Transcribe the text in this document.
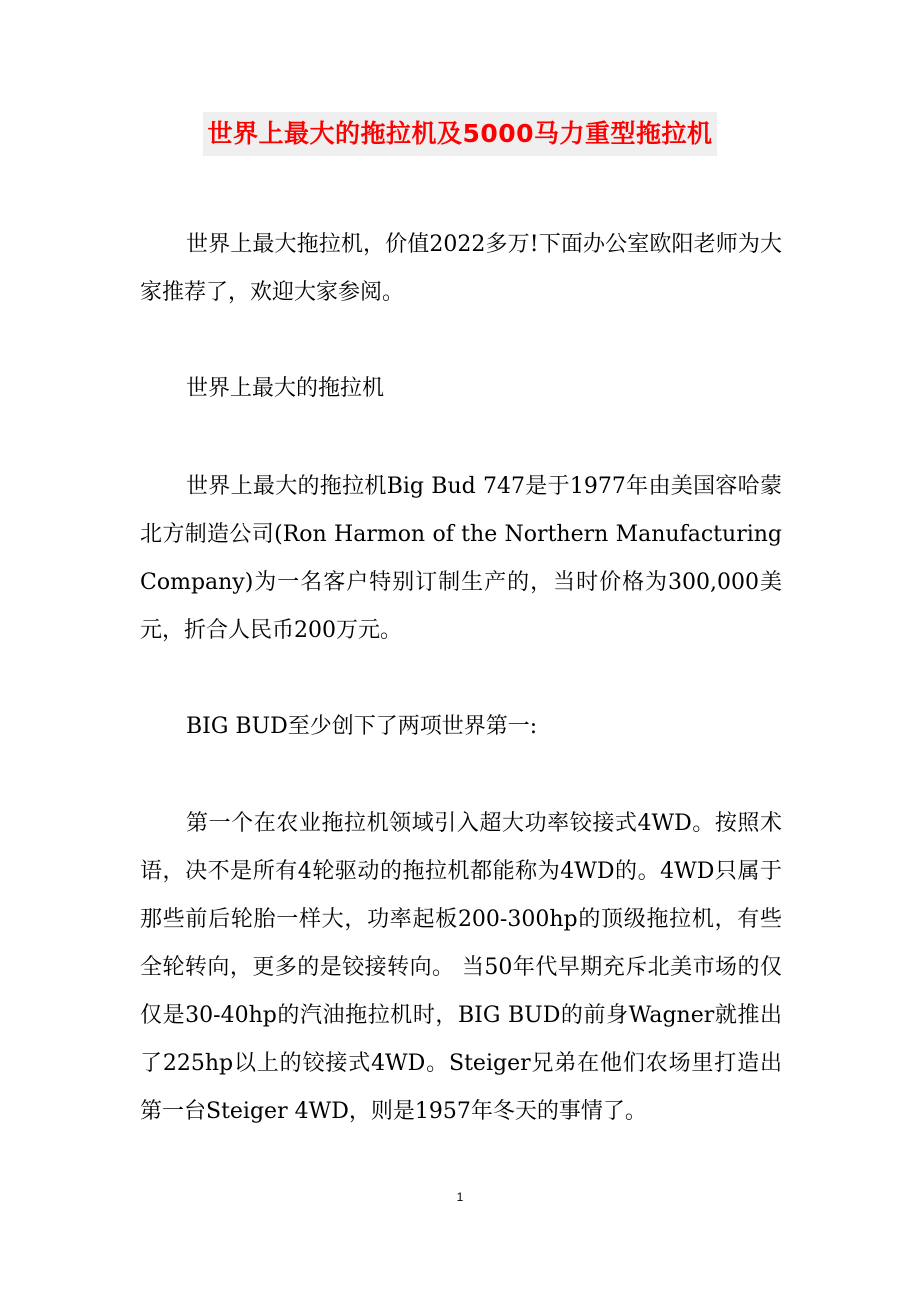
世界上最大的拖拉机及5000马力重型拖拉机

世界上最大拖拉机，价值2022多万!下面办公室欧阳老师为大家推荐了，欢迎大家参阅。

世界上最大的拖拉机

世界上最大的拖拉机Big Bud 747是于1977年由美国容哈蒙北方制造公司(Ron Harmon of the Northern Manufacturing Company)为一名客户特别订制生产的，当时价格为300,000美元，折合人民币200万元。

BIG BUD至少创下了两项世界第一:

第一个在农业拖拉机领域引入超大功率铰接式4WD。按照术语，决不是所有4轮驱动的拖拉机都能称为4WD的。4WD只属于那些前后轮胎一样大，功率起板200-300hp的顶级拖拉机，有些全轮转向，更多的是铰接转向。 当50年代早期充斥北美市场的仅仅是30-40hp的汽油拖拉机时，BIG BUD的前身Wagner就推出了225hp以上的铰接式4WD。Steiger兄弟在他们农场里打造出第一台Steiger 4WD，则是1957年冬天的事情了。

1
